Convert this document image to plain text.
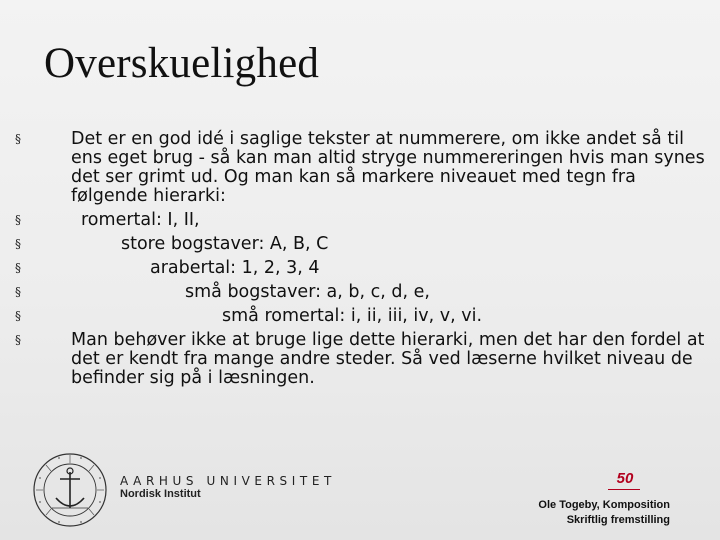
Overskuelighed
§	Det er en god idé i saglige tekster at nummerere, om ikke andet så til ens eget brug - så kan man altid stryge nummereringen hvis man synes det ser grimt ud. Og man kan så markere niveauet med tegn fra følgende hierarki:
§	romertal: I, II,
§	store bogstaver: A, B, C
§	arabertal: 1, 2, 3, 4
§	små bogstaver: a, b, c, d, e,
§	små romertal: i, ii, iii, iv, v, vi.
§	Man behøver ikke at bruge lige dette hierarki, men det har den fordel at det er kendt fra mange andre steder. Så ved læserne hvilket niveau de befinder sig på i læsningen.
AARHUS UNIVERSITET
Nordisk Institut
50
Ole Togeby, Komposition
Skriftlig fremstilling
